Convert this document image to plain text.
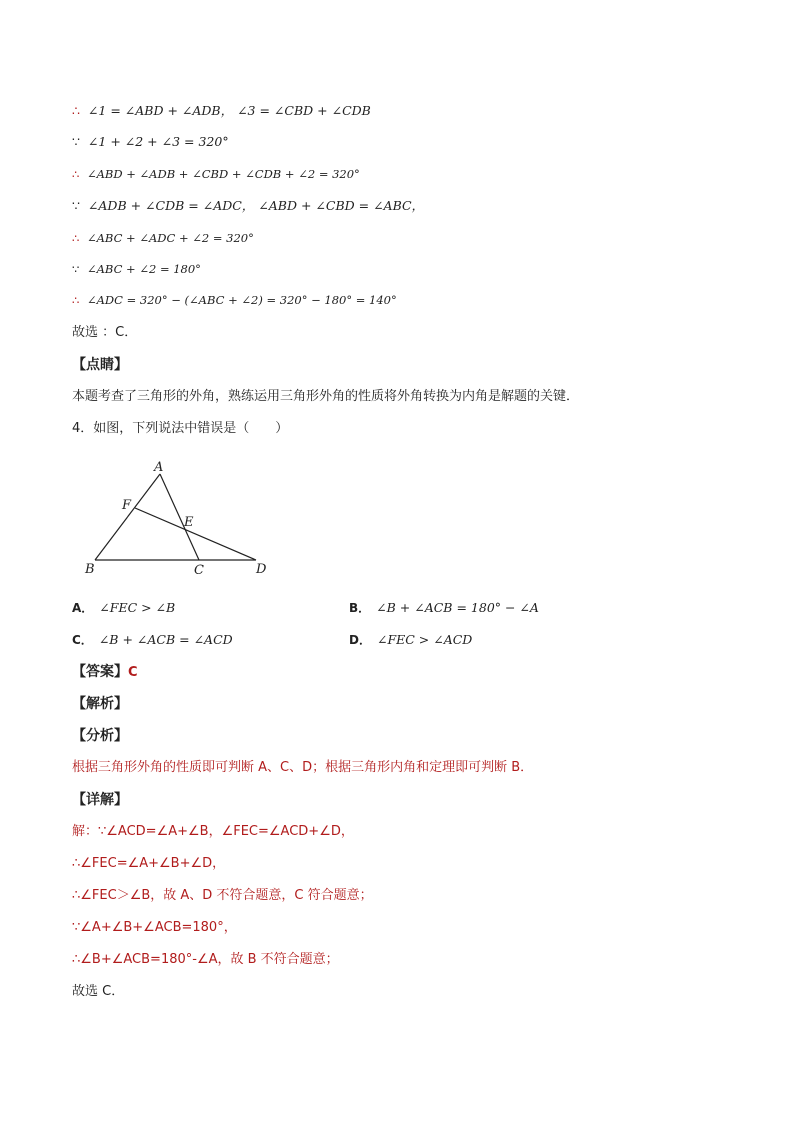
∴ ∠1 = ∠ABD + ∠ADB， ∠3 = ∠CBD + ∠CDB
∵ ∠1 + ∠2 + ∠3 = 320°
∴ ∠ABD + ∠ADB + ∠CBD + ∠CDB + ∠2 = 320°
∵ ∠ADB + ∠CDB = ∠ADC， ∠ABD + ∠CBD = ∠ABC，
∴ ∠ABC + ∠ADC + ∠2 = 320°
∵ ∠ABC + ∠2 = 180°
∴ ∠ADC = 320° − (∠ABC + ∠2) = 320° − 180° = 140°
故选 ：C．
【点睛】
本题考查了三角形的外角，熟练运用三角形外角的性质将外角转换为内角是解题的关键．
4．如图，下列说法中错误是（　　）
A
F
E
B	C	D
A． ∠FEC > ∠B	B． ∠B + ∠ACB = 180° − ∠A
C． ∠B + ∠ACB = ∠ACD	D． ∠FEC > ∠ACD
【答案】C
【解析】
【分析】
根据三角形外角的性质即可判断 A、C、D；根据三角形内角和定理即可判断 B．
【详解】
解：∵∠ACD=∠A+∠B，∠FEC=∠ACD+∠D，
∴∠FEC=∠A+∠B+∠D，
∴∠FEC＞∠B，故 A、D 不符合题意，C 符合题意；
∵∠A+∠B+∠ACB=180°，
∴∠B+∠ACB=180°-∠A，故 B 不符合题意；
故选 C．
